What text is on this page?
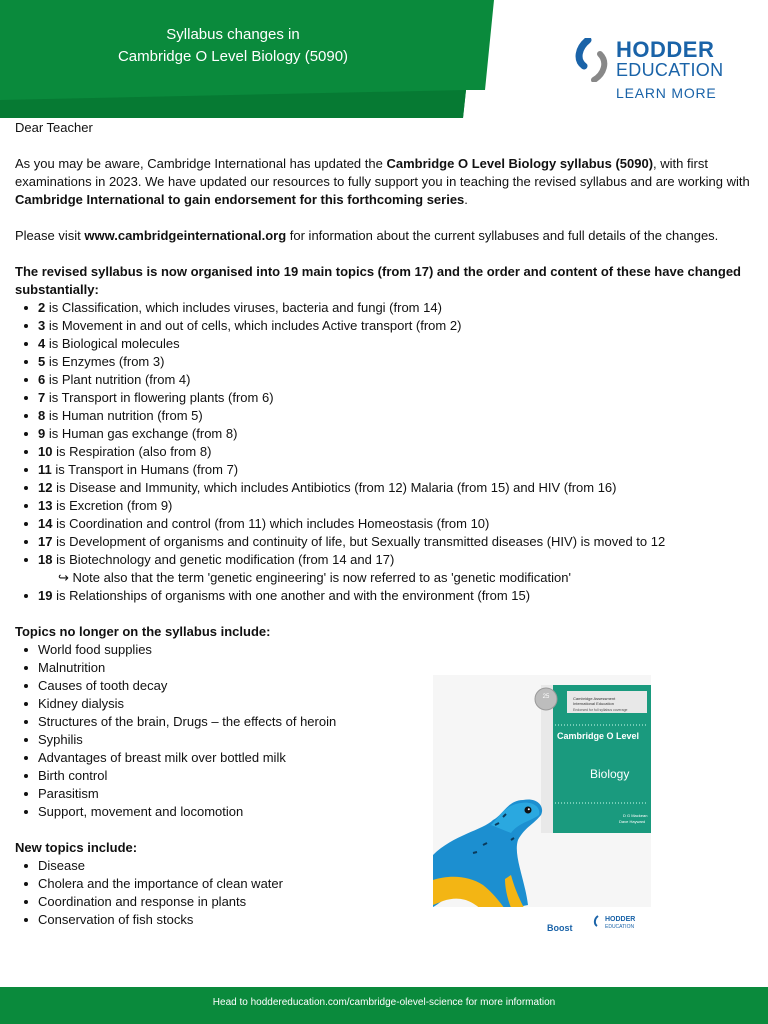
Syllabus changes in
Cambridge O Level Biology (5090)	HODDER
EDUCATION
LEARN MORE

Dear Teacher

As you may be aware, Cambridge International has updated the Cambridge O Level Biology syllabus (5090), with first examinations in 2023. We have updated our resources to fully support you in teaching the revised syllabus and are working with Cambridge International to gain endorsement for this forthcoming series.

Please visit www.cambridgeinternational.org for information about the current syllabuses and full details of the changes.

The revised syllabus is now organised into 19 main topics (from 17) and the order and content of these have changed substantially:

2 is Classification, which includes viruses, bacteria and fungi (from 14)
3 is Movement in and out of cells, which includes Active transport (from 2)
4 is Biological molecules
5 is Enzymes (from 3)
6 is Plant nutrition (from 4)
7 is Transport in flowering plants (from 6)
8 is Human nutrition (from 5)
9 is Human gas exchange (from 8)
10 is Respiration (also from 8)
11 is Transport in Humans (from 7)
12 is Disease and Immunity, which includes Antibiotics (from 12) Malaria (from 15) and HIV (from 16)
13 is Excretion (from 9)
14 is Coordination and control (from 11) which includes Homeostasis (from 10)
17 is Development of organisms and continuity of life, but Sexually transmitted diseases (HIV) is moved to 12
18 is Biotechnology and genetic modification (from 14 and 17)
↪ Note also that the term 'genetic engineering' is now referred to as 'genetic modification'
19 is Relationships of organisms with one another and with the environment (from 15)

Topics no longer on the syllabus include:

World food supplies
Malnutrition
Causes of tooth decay
Kidney dialysis
Structures of the brain, Drugs – the effects of heroin
Syphilis
Advantages of breast milk over bottled milk
Birth control
Parasitism
Support, movement and locomotion

New topics include:

Disease
Cholera and the importance of clean water
Coordination and response in plants
Conservation of fish stocks
25	Cambridge Assessment
International Education
Endorsed for full syllabus coverage
Cambridge O Level
Biology
D G Mackean
Dave Hayward
Boost
HODDER
EDUCATION
Head to hoddereducation.com/cambridge-olevel-science for more information
